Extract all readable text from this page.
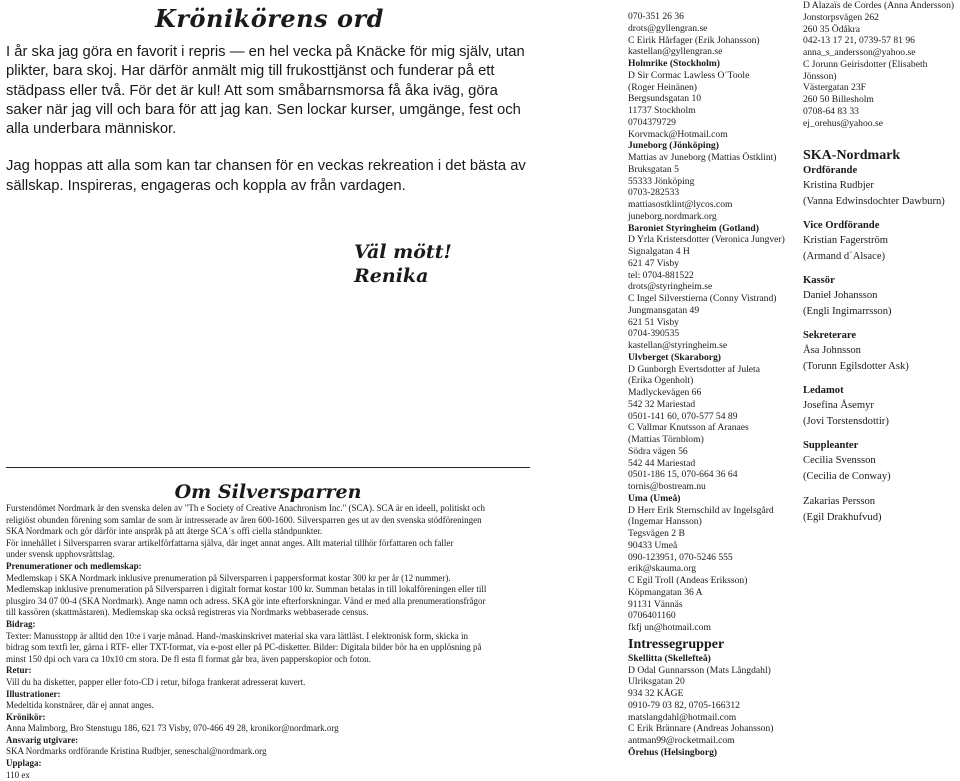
Krönikörens ord

I år ska jag göra en favorit i repris — en hel vecka på Knäcke för mig själv, utan plikter, bara skoj. Har därför anmält mig till frukosttjänst och funderar på ett städpass eller två. För det är kul! Att som småbarnsmorsa få åka iväg, göra saker när jag vill och bara för att jag kan. Sen lockar kurser, umgänge, fest och alla underbara människor.

Jag hoppas att alla som kan tar chansen för en veckas rekreation i det bästa av sällskap. Inspireras, engageras och koppla av från vardagen.

Väl mött!
Renika
Om Silversparren

Furstendömet Nordmark är den svenska delen av "Th e Society of Creative Anachronism Inc." (SCA). SCA är en ideell, politiskt och

religiöst obunden förening som samlar de som är intresserade av åren 600-1600. Silversparren ges ut av den svenska stödföreningen

SKA Nordmark och gör därför inte anspråk på att återge SCA´s offi ciella ståndpunkter.

För innehållet i Silversparren svarar artikelförfattarna själva, där inget annat anges. Allt material tillhör författaren och faller

under svensk upphovsrättslag.

Prenumerationer och medlemskap:

Medlemskap i SKA Nordmark inklusive prenumeration på Silversparren i pappersformat kostar 300 kr per år (12 nummer).

Medlemskap inklusive prenumeration på Silversparren i digitalt format kostar 100 kr. Summan betalas in till lokalföreningen eller till

plusgiro 34 07 00-4 (SKA Nordmark). Ange namn och adress. SKA gör inte efterforskningar. Vänd er med alla prenumerationsfrågor

till kassören (skattmästaren). Medlemskap ska också registreras via Nordmarks webbaserade census.

Bidrag:

Texter: Manusstopp är alltid den 10:e i varje månad. Hand-/maskinskrivet material ska vara lättläst. I elektronisk form, skicka in

bidrag som textfi ler, gärna i RTF- eller TXT-format, via e-post eller på PC-disketter. Bilder: Digitala bilder bör ha en upplösning på

minst 150 dpi och vara ca 10x10 cm stora. De fl esta fl format går bra, även papperskopior och foton.

Retur:

Vill du ha disketter, papper eller foto-CD i retur, bifoga frankerat adresserat kuvert.

Illustrationer:

Medeltida konstnärer, där ej annat anges.

Krönikör:

Anna Malmborg, Bro Stenstugu 186, 621 73 Visby, 070-466 49 28, kronikor@nordmark.org

Ansvarig utgivare:

SKA Nordmarks ordförande Kristina Rudbjer, seneschal@nordmark.org

Upplaga:

110 ex

070-351 26 36
drots@gyllengran.se
C Eirik Hårfager (Erik Johansson)
kastellan@gyllengran.se
Holmrike (Stockholm)
D Sir Cormac Lawless O´Toole
(Roger Heinänen)
Bergsundsgatan 10
11737 Stockholm
0704379729
Korvmack@Hotmail.com
Juneborg (Jönköping)
Mattias av Juneborg (Mattias Östklint)
Bruksgatan 5
55333 Jönköping
0703-282533
mattiasostklint@lycos.com
juneborg.nordmark.org
Baroniet Styringheim (Gotland)
D Yrla Kristersdotter (Veronica Jungver)
Signalgatan 4 H
621 47 Visby
tel: 0704-881522
drots@styringheim.se
C Ingel Silverstierna (Conny Vistrand)
Jungmansgatan 49
621 51 Visby
0704-390535
kastellan@styringheim.se
Ulvberget (Skaraborg)
D Gunborgh Evertsdotter af Juleta
(Erika Ogenholt)
Madlyckevägen 66
542 32 Mariestad
0501-141 60, 070-577 54 89
C Vallmar Knutsson af Aranaes
(Mattias Törnblom)
Södra vägen 56
542 44 Mariestad
0501-186 15, 070-664 36 64
tornis@bostream.nu
Uma (Umeå)
D Herr Erik Sternschild av Ingelsgård
(Ingemar Hansson)
Tegsvägen 2 B
90433 Umeå
090-123951, 070-5246 555
erik@skauma.org
C Egil Troll (Andeas Eriksson)
Köpmangatan 36 A
91131 Vännäs
0706401160
fkfj un@hotmail.com
Intressegrupper
Skellitta (Skellefteå)
D Odal Gunnarsson (Mats Långdahl)
Ulriksgatan 20
934 32 KÅGE
0910-79 03 82, 0705-166312
matslangdahl@hotmail.com
C Erik Brännare (Andreas Johansson)
antman99@rocketmail.com
Örehus (Helsingborg)
D Alazaïs de Cordes (Anna Andersson)
Jonstorpsvägen 262
260 35 Ödåkra
042-13 17 21, 0739-57 81 96
anna_s_andersson@yahoo.se
C Jorunn Geirisdotter (Elisabeth
Jönsson)
Västergatan 23F
260 50 Billesholm
0708-64 83 33
ej_orehus@yahoo.se
SKA-Nordmark
Ordförande
Kristina Rudbjer
(Vanna Edwinsdochter Dawburn)
Vice Ordförande
Kristian Fagerström
(Armand d´Alsace)
Kassör
Daniel Johansson
(Engli Ingimarrsson)
Sekreterare
Åsa Johnsson
(Torunn Egilsdotter Ask)
Ledamot
Josefina Åsemyr
(Jovi Torstensdottir)
Suppleanter
Cecilia Svensson
(Cecilia de Conway)
Zakarias Persson
(Egil Drakhufvud)
